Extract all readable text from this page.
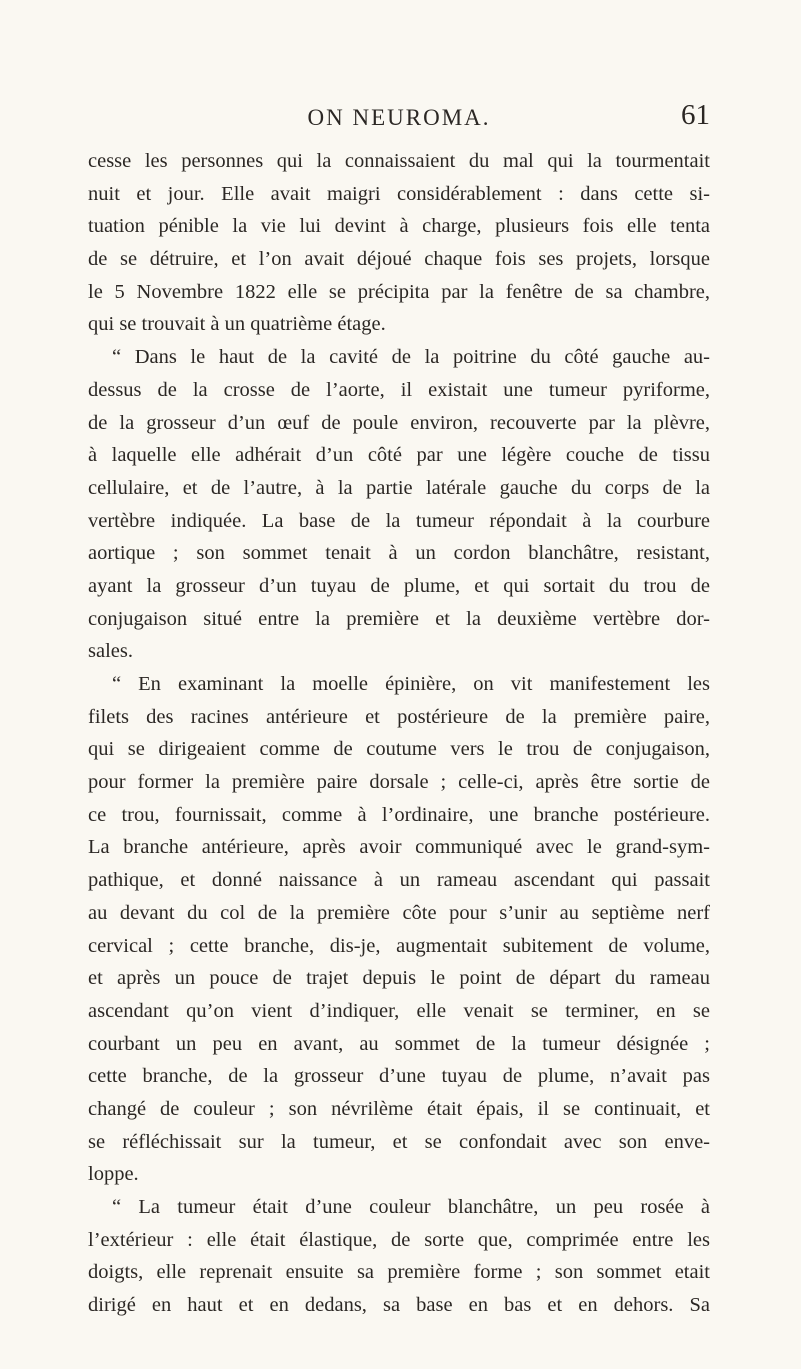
ON NEUROMA.	61
cesse les personnes qui la connaissaient du mal qui la tourmentait
nuit et jour. Elle avait maigri considérablement : dans cette si-
tuation pénible la vie lui devint à charge, plusieurs fois elle tenta
de se détruire, et l’on avait déjoué chaque fois ses projets, lorsque
le 5 Novembre 1822 elle se précipita par la fenêtre de sa chambre,
qui se trouvait à un quatrième étage.
“ Dans le haut de la cavité de la poitrine du côté gauche au-
dessus de la crosse de l’aorte, il existait une tumeur pyriforme,
de la grosseur d’un œuf de poule environ, recouverte par la plèvre,
à laquelle elle adhérait d’un côté par une légère couche de tissu
cellulaire, et de l’autre, à la partie latérale gauche du corps de la
vertèbre indiquée. La base de la tumeur répondait à la courbure
aortique ; son sommet tenait à un cordon blanchâtre, resistant,
ayant la grosseur d’un tuyau de plume, et qui sortait du trou de
conjugaison situé entre la première et la deuxième vertèbre dor-
sales.
“ En examinant la moelle épinière, on vit manifestement les
filets des racines antérieure et postérieure de la première paire,
qui se dirigeaient comme de coutume vers le trou de conjugaison,
pour former la première paire dorsale ; celle-ci, après être sortie de
ce trou, fournissait, comme à l’ordinaire, une branche postérieure.
La branche antérieure, après avoir communiqué avec le grand-sym-
pathique, et donné naissance à un rameau ascendant qui passait
au devant du col de la première côte pour s’unir au septième nerf
cervical ; cette branche, dis-je, augmentait subitement de volume,
et après un pouce de trajet depuis le point de départ du rameau
ascendant qu’on vient d’indiquer, elle venait se terminer, en se
courbant un peu en avant, au sommet de la tumeur désignée ;
cette branche, de la grosseur d’une tuyau de plume, n’avait pas
changé de couleur ; son névrilème était épais, il se continuait, et
se réfléchissait sur la tumeur, et se confondait avec son enve-
loppe.
“ La tumeur était d’une couleur blanchâtre, un peu rosée à
l’extérieur : elle était élastique, de sorte que, comprimée entre les
doigts, elle reprenait ensuite sa première forme ; son sommet etait
dirigé en haut et en dedans, sa base en bas et en dehors. Sa
